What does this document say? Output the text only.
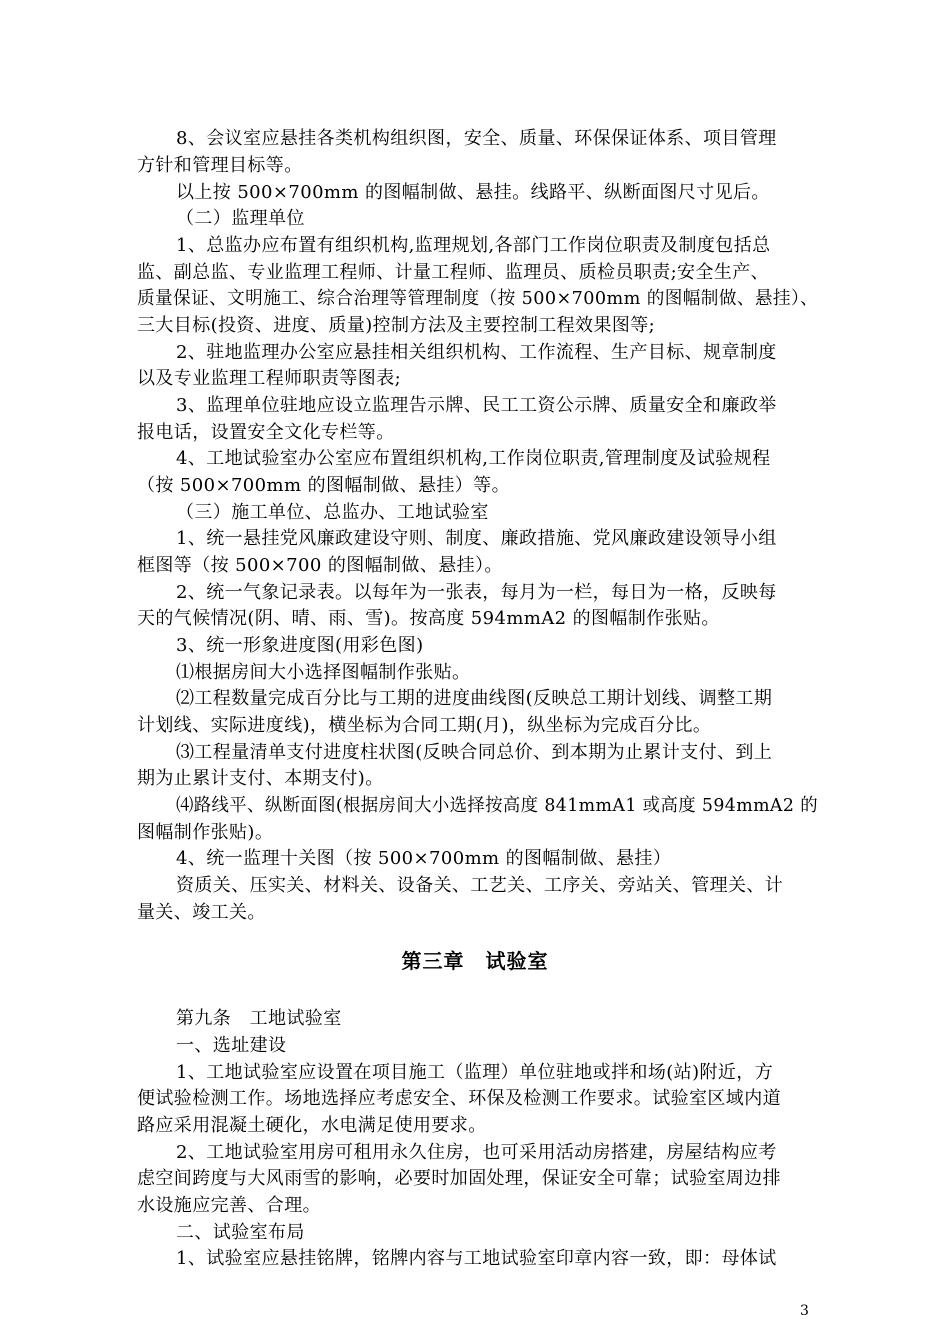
8、会议室应悬挂各类机构组织图，安全、质量、环保保证体系、项目管理
方针和管理目标等。
以上按 500×700mm 的图幅制做、悬挂。线路平、纵断面图尺寸见后。
（二）监理单位
1、总监办应布置有组织机构,监理规划,各部门工作岗位职责及制度包括总
监、副总监、专业监理工程师、计量工程师、监理员、质检员职责;安全生产、
质量保证、文明施工、综合治理等管理制度（按 500×700mm 的图幅制做、悬挂）、
三大目标(投资、进度、质量)控制方法及主要控制工程效果图等;
2、驻地监理办公室应悬挂相关组织机构、工作流程、生产目标、规章制度
以及专业监理工程师职责等图表;
3、监理单位驻地应设立监理告示牌、民工工资公示牌、质量安全和廉政举
报电话，设置安全文化专栏等。
4、工地试验室办公室应布置组织机构,工作岗位职责,管理制度及试验规程
（按 500×700mm 的图幅制做、悬挂）等。
（三）施工单位、总监办、工地试验室
1、统一悬挂党风廉政建设守则、制度、廉政措施、党风廉政建设领导小组
框图等（按 500×700 的图幅制做、悬挂）。
2、统一气象记录表。以每年为一张表，每月为一栏，每日为一格，反映每
天的气候情况(阴、晴、雨、雪)。按高度 594mmA2 的图幅制作张贴。
3、统一形象进度图(用彩色图)
⑴根据房间大小选择图幅制作张贴。
⑵工程数量完成百分比与工期的进度曲线图(反映总工期计划线、调整工期
计划线、实际进度线)，横坐标为合同工期(月)，纵坐标为完成百分比。
⑶工程量清单支付进度柱状图(反映合同总价、到本期为止累计支付、到上
期为止累计支付、本期支付)。
⑷路线平、纵断面图(根据房间大小选择按高度 841mmA1 或高度 594mmA2 的
图幅制作张贴)。
4、统一监理十关图（按 500×700mm 的图幅制做、悬挂）
资质关、压实关、材料关、设备关、工艺关、工序关、旁站关、管理关、计
量关、竣工关。
第三章　试验室
第九条　工地试验室
一、选址建设
1、工地试验室应设置在项目施工（监理）单位驻地或拌和场(站)附近，方
便试验检测工作。场地选择应考虑安全、环保及检测工作要求。试验室区域内道
路应采用混凝土硬化，水电满足使用要求。
2、工地试验室用房可租用永久住房，也可采用活动房搭建，房屋结构应考
虑空间跨度与大风雨雪的影响，必要时加固处理，保证安全可靠；试验室周边排
水设施应完善、合理。
二、试验室布局
1、试验室应悬挂铭牌，铭牌内容与工地试验室印章内容一致，即：母体试
3
